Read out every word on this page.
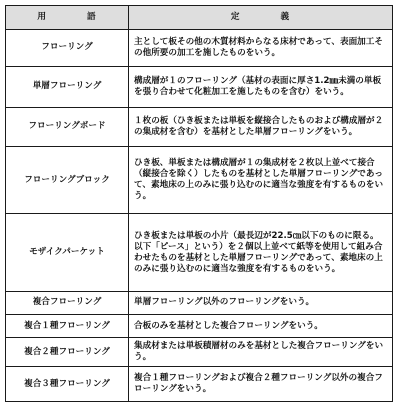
用 語	定 義
フローリング	主として板その他の木質材料からなる床材であって、表面加工その他所要の加工を施したものをいう。
単層フローリング	構成層が１のフローリング（基材の表面に厚さ1.2㎜未満の単板を張り合わせて化粧加工を施したものを含む）をいう。
フローリングボード	１枚の板（ひき板または単板を縦接合したものおよび構成層が２の集成材を含む）を基材とした単層フローリングをいう。
フローリングブロック	ひき板、単板または構成層が１の集成材を２枚以上並べて接合（縦接合を除く）したものを基材とした単層フローリングであって、素地床の上のみに張り込むのに適当な強度を有するものをいう。
モザイクパーケット	ひき板または単板の小片（最長辺が22.5㎝以下のものに限る。以下「ピース」という）を２個以上並べて紙等を使用して組み合わせたものを基材とした単層フローリングであって、素地床の上のみに張り込むのに適当な強度を有するものをいう。
複合フローリング	単層フローリング以外のフローリングをいう。
複合１種フローリング	合板のみを基材とした複合フローリングをいう。
複合２種フローリング	集成材または単板積層材のみを基材とした複合フローリングをいう。
複合３種フローリング	複合１種フローリングおよび複合２種フローリング以外の複合フローリングをいう。
